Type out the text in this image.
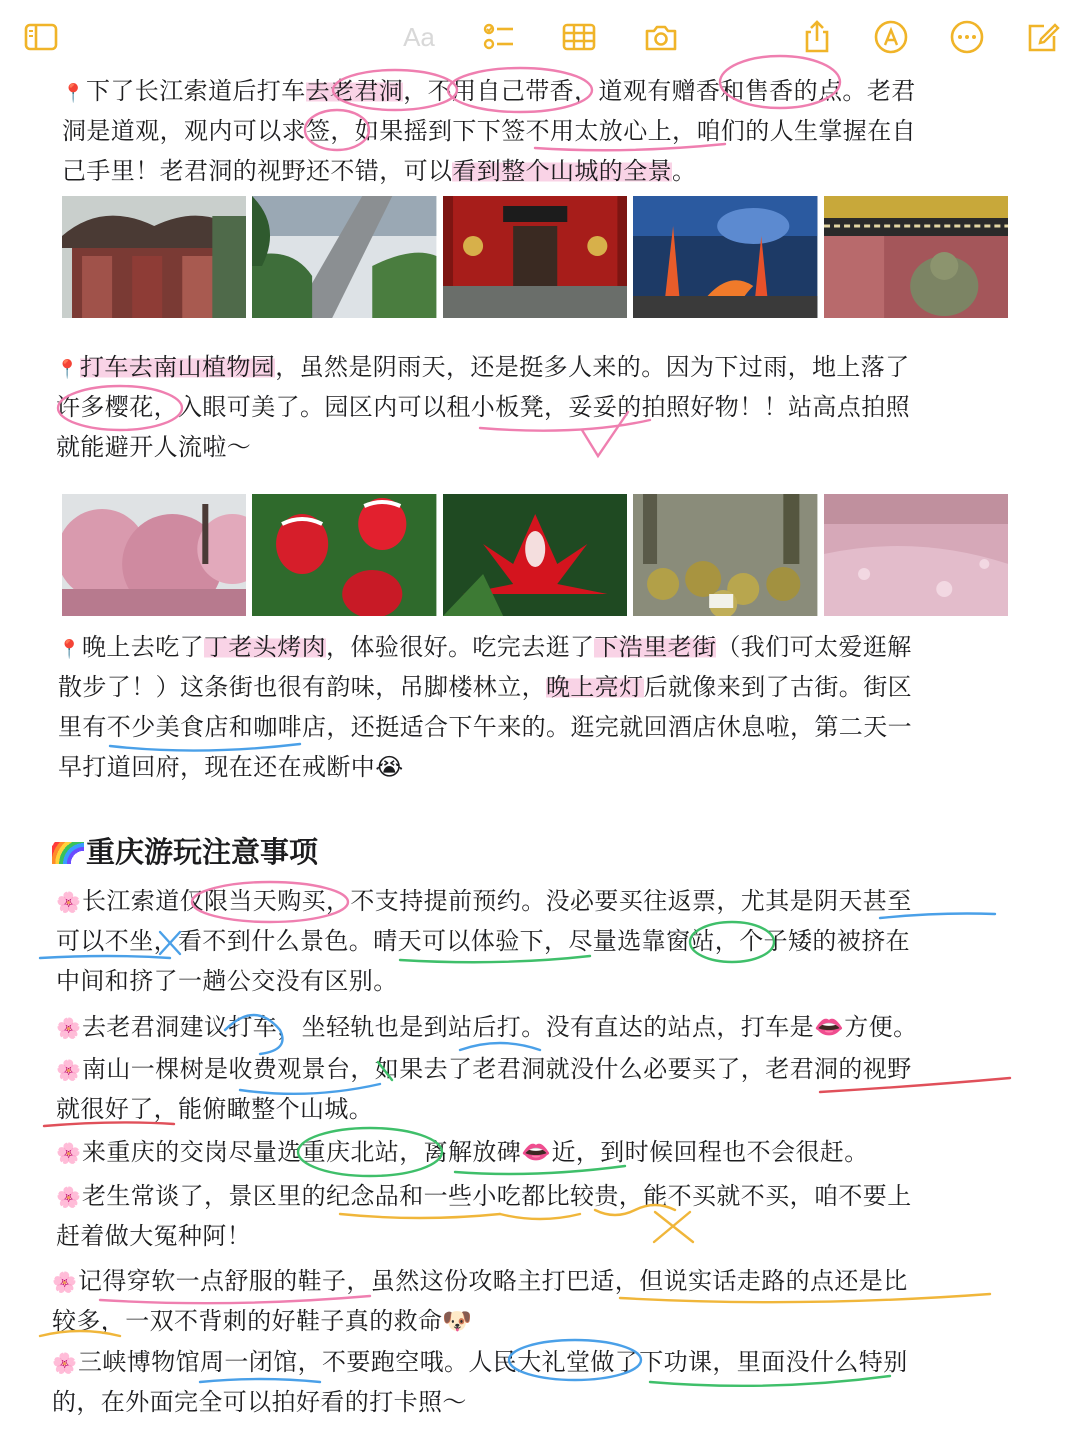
Aa
📍下了长江索道后打车去老君洞，不用自己带香，道观有赠香和售香的点。老君
洞是道观，观内可以求签，如果摇到下下签不用太放心上，咱们的人生掌握在自
己手里！老君洞的视野还不错，可以看到整个山城的全景。
📍打车去南山植物园，虽然是阴雨天，还是挺多人来的。因为下过雨，地上落了
许多樱花，入眼可美了。园区内可以租小板凳，妥妥的拍照好物！！站高点拍照
就能避开人流啦～
📍晚上去吃了丁老头烤肉，体验很好。吃完去逛了下浩里老街（我们可太爱逛解
散步了！）这条街也很有韵味，吊脚楼林立，晚上亮灯后就像来到了古街。街区
里有不少美食店和咖啡店，还挺适合下午来的。逛完就回酒店休息啦，第二天一
早打道回府，现在还在戒断中😭
重庆游玩注意事项
🌸长江索道仅限当天购买，不支持提前预约。没必要买往返票，尤其是阴天甚至
可以不坐，看不到什么景色。晴天可以体验下，尽量选靠窗站，个子矮的被挤在
中间和挤了一趟公交没有区别。
🌸去老君洞建议打车，坐轻轨也是到站后打。没有直达的站点，打车是👄方便。
🌸南山一棵树是收费观景台，如果去了老君洞就没什么必要买了，老君洞的视野
就很好了，能俯瞰整个山城。
🌸来重庆的交岗尽量选重庆北站，离解放碑👄近，到时候回程也不会很赶。
🌸老生常谈了，景区里的纪念品和一些小吃都比较贵，能不买就不买，咱不要上
赶着做大冤种阿！
🌸记得穿软一点舒服的鞋子，虽然这份攻略主打巴适，但说实话走路的点还是比
较多，一双不背刺的好鞋子真的救命🐶
🌸三峡博物馆周一闭馆，不要跑空哦。人民大礼堂做了下功课，里面没什么特别
的，在外面完全可以拍好看的打卡照～
